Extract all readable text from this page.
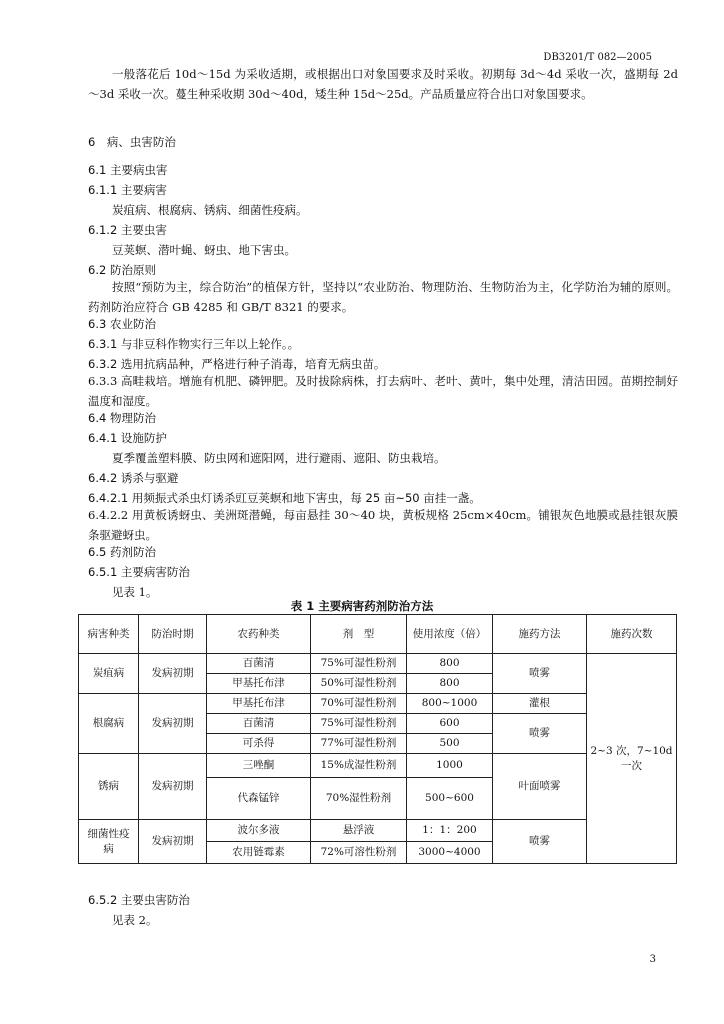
DB3201/T 082—2005
一般落花后 10d～15d 为采收适期，或根据出口对象国要求及时采收。初期每 3d～4d 采收一次，盛期每 2d～3d 采收一次。蔓生种采收期 30d～40d，矮生种 15d～25d。产品质量应符合出口对象国要求。
6　病、虫害防治
6.1 主要病虫害
6.1.1 主要病害
炭疽病、根腐病、锈病、细菌性疫病。
6.1.2 主要虫害
豆荚螟、潜叶蝇、蚜虫、地下害虫。
6.2 防治原则
按照“预防为主，综合防治”的植保方针，坚持以“农业防治、物理防治、生物防治为主，化学防治为辅的原则。药剂防治应符合 GB 4285 和 GB/T 8321 的要求。
6.3 农业防治
6.3.1 与非豆科作物实行三年以上轮作。。
6.3.2 选用抗病品种，严格进行种子消毒，培育无病虫苗。
6.3.3 高畦栽培。增施有机肥、磷钾肥。及时拔除病株，打去病叶、老叶、黄叶，集中处理，清洁田园。苗期控制好温度和湿度。
6.4 物理防治
6.4.1 设施防护
夏季覆盖塑料膜、防虫网和遮阳网，进行避雨、遮阳、防虫栽培。
6.4.2 诱杀与驱避
6.4.2.1 用频振式杀虫灯诱杀豇豆荚螟和地下害虫，每 25 亩~50 亩挂一盏。
6.4.2.2 用黄板诱蚜虫、美洲斑潜蝇，每亩悬挂 30～40 块，黄板规格 25cm×40cm。铺银灰色地膜或悬挂银灰膜条驱避蚜虫。
6.5 药剂防治
6.5.1 主要病害防治
见表 1。
表 1 主要病害药剂防治方法
病害种类	防治时期	农药种类	剂　型	使用浓度（倍）	施药方法	施药次数
炭疽病	发病初期	百菌清	75%可湿性粉剂	800	喷雾	2~3 次，7~10d 一次
		甲基托布津	50%可湿性粉剂	800		
根腐病	发病初期	甲基托布津	70%可湿性粉剂	800~1000	灌根	
		百菌清	75%可湿性粉剂	600	喷雾	
		可杀得	77%可湿性粉剂	500		
锈病	发病初期	三唑酮	15%成湿性粉剂	1000	叶面喷雾	
		代森锰锌	70%湿性粉剂	500~600		
细菌性疫病	发病初期	波尔多液	悬浮液	1：1：200	喷雾	
		农用链霉素	72%可溶性粉剂	3000~4000		
6.5.2 主要虫害防治
见表 2。
3
